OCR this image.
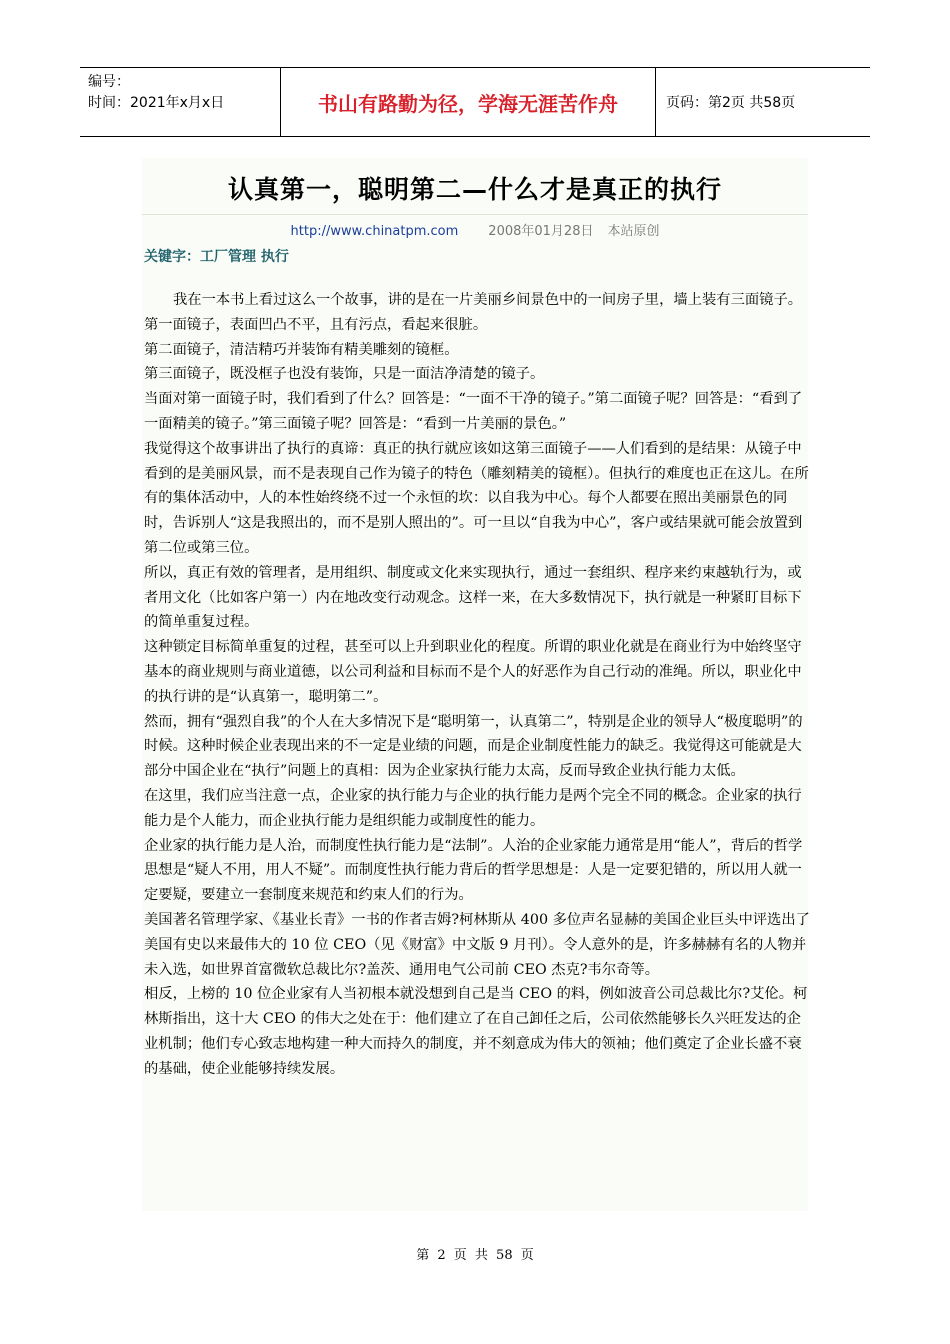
编号：
时间：2021年x月x日	书山有路勤为径，学海无涯苦作舟	页码：第2页 共58页
认真第一，聪明第二—什么才是真正的执行
http://www.chinatpm.com 2008年01月28日 本站原创
关键字：工厂管理 执行

我在一本书上看过这么一个故事，讲的是在一片美丽乡间景色中的一间房子里，墙上装有三面镜子。

第一面镜子，表面凹凸不平，且有污点，看起来很脏。

第二面镜子，清洁精巧并装饰有精美雕刻的镜框。

第三面镜子，既没框子也没有装饰，只是一面洁净清楚的镜子。

当面对第一面镜子时，我们看到了什么？回答是：“一面不干净的镜子。”第二面镜子呢？回答是：“看到了一面精美的镜子。”第三面镜子呢？回答是：“看到一片美丽的景色。”

我觉得这个故事讲出了执行的真谛：真正的执行就应该如这第三面镜子——人们看到的是结果：从镜子中看到的是美丽风景，而不是表现自己作为镜子的特色（雕刻精美的镜框）。但执行的难度也正在这儿。在所有的集体活动中，人的本性始终绕不过一个永恒的坎：以自我为中心。每个人都要在照出美丽景色的同时，告诉别人“这是我照出的，而不是别人照出的”。可一旦以“自我为中心”，客户或结果就可能会放置到第二位或第三位。

所以，真正有效的管理者，是用组织、制度或文化来实现执行，通过一套组织、程序来约束越轨行为，或者用文化（比如客户第一）内在地改变行动观念。这样一来，在大多数情况下，执行就是一种紧盯目标下的简单重复过程。

这种锁定目标简单重复的过程，甚至可以上升到职业化的程度。所谓的职业化就是在商业行为中始终坚守基本的商业规则与商业道德，以公司利益和目标而不是个人的好恶作为自己行动的准绳。所以，职业化中的执行讲的是“认真第一，聪明第二”。

然而，拥有“强烈自我”的个人在大多情况下是“聪明第一，认真第二”，特别是企业的领导人“极度聪明”的时候。这种时候企业表现出来的不一定是业绩的问题，而是企业制度性能力的缺乏。我觉得这可能就是大部分中国企业在“执行”问题上的真相：因为企业家执行能力太高，反而导致企业执行能力太低。

在这里，我们应当注意一点，企业家的执行能力与企业的执行能力是两个完全不同的概念。企业家的执行能力是个人能力，而企业执行能力是组织能力或制度性的能力。

企业家的执行能力是人治，而制度性执行能力是“法制”。人治的企业家能力通常是用“能人”，背后的哲学思想是“疑人不用，用人不疑”。而制度性执行能力背后的哲学思想是：人是一定要犯错的，所以用人就一定要疑，要建立一套制度来规范和约束人们的行为。

美国著名管理学家、《基业长青》一书的作者吉姆?柯林斯从 400 多位声名显赫的美国企业巨头中评选出了美国有史以来最伟大的 10 位 CEO（见《财富》中文版 9 月刊）。令人意外的是，许多赫赫有名的人物并未入选，如世界首富微软总裁比尔?盖茨、通用电气公司前 CEO 杰克?韦尔奇等。

相反，上榜的 10 位企业家有人当初根本就没想到自己是当 CEO 的料，例如波音公司总裁比尔?艾伦。柯林斯指出，这十大 CEO 的伟大之处在于：他们建立了在自己卸任之后，公司依然能够长久兴旺发达的企业机制；他们专心致志地构建一种大而持久的制度，并不刻意成为伟大的领袖；他们奠定了企业长盛不衰的基础，使企业能够持续发展。

第 2 页 共 58 页
